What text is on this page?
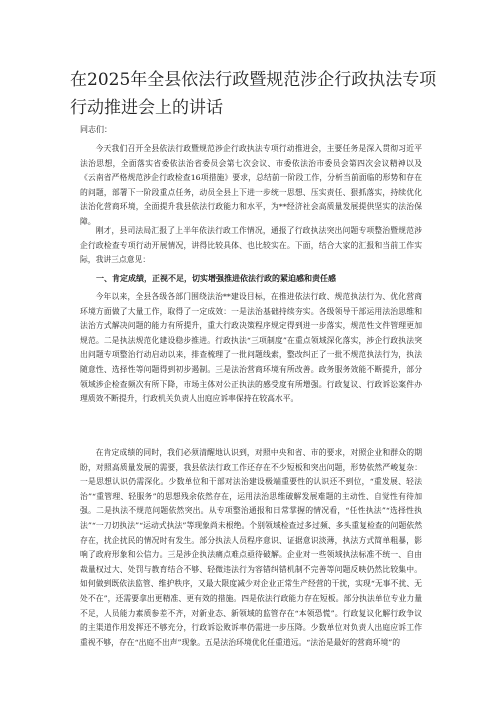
在2025年全县依法行政暨规范涉企行政执法专项行动推进会上的讲话
同志们：

今天我们召开全县依法行政暨规范涉企行政执法专项行动推进会，主要任务是深入贯彻习近平法治思想，全面落实省委依法治省委员会第七次会议、市委依法治市委员会第四次会议精神以及《云南省严格规范涉企行政检查16项措施》要求，总结前一阶段工作，分析当前面临的形势和存在的问题，部署下一阶段重点任务，动员全县上下进一步统一思想、压实责任、狠抓落实，持续优化法治化营商环境，全面提升我县依法行政能力和水平，为**经济社会高质量发展提供坚实的法治保障。

刚才，县司法局汇报了上半年依法行政工作情况，通报了行政执法突出问题专项整治暨规范涉企行政检查专项行动开展情况，讲得比较具体、也比较实在。下面，结合大家的汇报和当前工作实际，我讲三点意见：

一、肯定成绩，正视不足，切实增强推进依法行政的紧迫感和责任感

今年以来，全县各级各部门围绕法治**建设目标，在推进依法行政、规范执法行为、优化营商环境方面做了大量工作，取得了一定成效：一是法治基础持续夯实。各级领导干部运用法治思维和法治方式解决问题的能力有所提升，重大行政决策程序规定得到进一步落实，规范性文件管理更加规范。二是执法规范化建设稳步推进。行政执法“三项制度”在重点领域深化落实，涉企行政执法突出问题专项整治行动启动以来，排查梳理了一批问题线索，整改纠正了一批不规范执法行为，执法随意性、选择性等问题得到初步遏制。三是法治营商环境有所改善。政务服务效能不断提升，部分领域涉企检查频次有所下降，市场主体对公正执法的感受度有所增强。行政复议、行政诉讼案件办理质效不断提升，行政机关负责人出庭应诉率保持在较高水平。

在肯定成绩的同时，我们必须清醒地认识到，对照中央和省、市的要求，对照企业和群众的期盼，对照高质量发展的需要，我县依法行政工作还存在不少短板和突出问题，形势依然严峻复杂：一是思想认识仍需深化。少数单位和干部对法治建设极端重要性的认识还不到位，“重发展、轻法治”“重管理、轻服务”的思想残余依然存在，运用法治思维破解发展难题的主动性、自觉性有待加强。二是执法不规范问题依然突出。从专项整治通报和日常掌握的情况看，“任性执法”“选择性执法”“一刀切执法”“运动式执法”等现象尚未根绝。个别领域检查过多过频、多头重复检查的问题依然存在，扰企扰民的情况时有发生。部分执法人员程序意识、证据意识淡薄，执法方式简单粗暴，影响了政府形象和公信力。三是涉企执法痛点难点亟待破解。企业对一些领域执法标准不统一、自由裁量权过大、处罚与教育结合不够、轻微违法行为容错纠错机制不完善等问题反映仍然比较集中。如何做到既依法监管、维护秩序，又最大限度减少对企业正常生产经营的干扰，实现“无事不扰、无处不在”，还需要拿出更精准、更有效的措施。四是依法行政能力存在短板。部分执法单位专业力量不足，人员能力素质参差不齐，对新业态、新领域的监管存在“本领恐慌”。行政复议化解行政争议的主渠道作用发挥还不够充分，行政诉讼败诉率仍需进一步压降。少数单位对负责人出庭应诉工作重视不够，存在“出庭不出声”现象。五是法治环境优化任重道远。“法治是最好的营商环境”的
